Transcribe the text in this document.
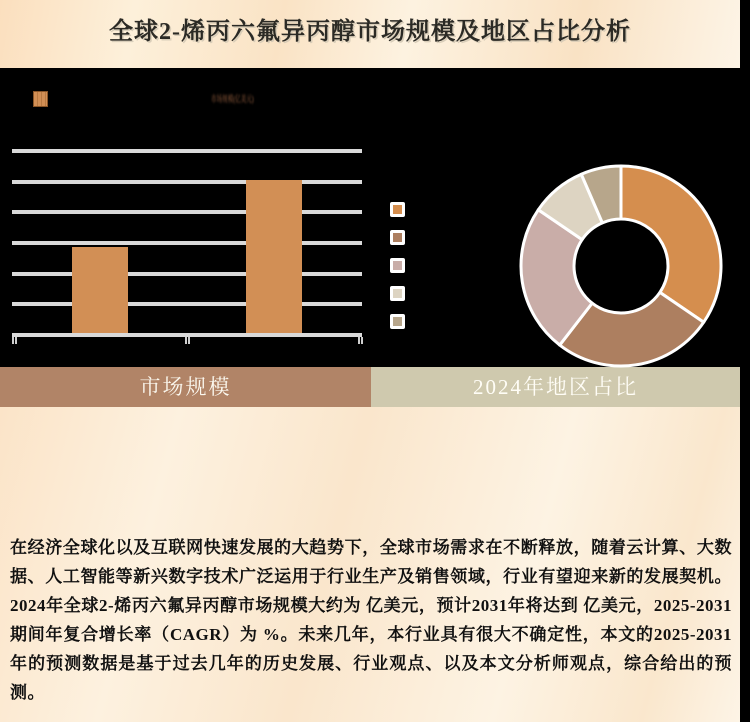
全球2-烯丙六氟异丙醇市场规模及地区占比分析
市场规模(亿美元)
市场规模	2024年地区占比

在经济全球化以及互联网快速发展的大趋势下，全球市场需求在不断释放，随着云计算、大数据、人工智能等新兴数字技术广泛运用于行业生产及销售领域，行业有望迎来新的发展契机。2024年全球2-烯丙六氟异丙醇市场规模大约为 亿美元，预计2031年将达到 亿美元，2025-2031期间年复合增长率（CAGR）为 %。未来几年，本行业具有很大不确定性，本文的2025-2031年的预测数据是基于过去几年的历史发展、行业观点、以及本文分析师观点，综合给出的预测。
